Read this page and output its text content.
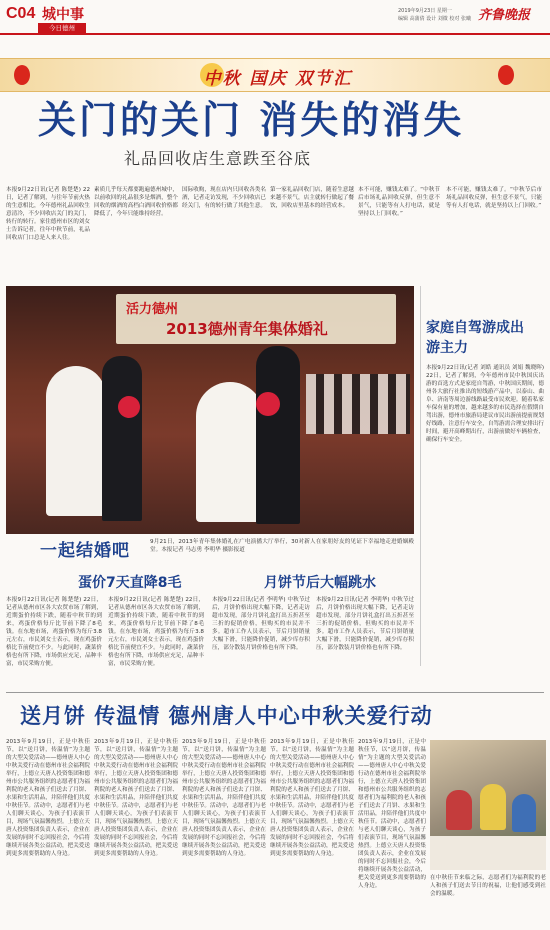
C04 城中事
今日德州
2019年9月23日 星期一
编辑 高蒲倩 设计 刘微 校对 张曦 齐鲁晚报
中秋 国庆 双节汇
关门的关门 消失的消失
礼品回收店生意跌至谷底
本报9月22日讯(记者 陈楚楚) 22日，记者了解到，与往年节前火热的生意相比，今年德州礼品回收生意清冷，不少回收店关门的关门，转行的转行。家住德州市区的刘女士告诉记者，往年中秋节前，礼品回收店门口总是人来人往。
素质几乎每天都要跑遍德州城中，以前收回的礼品很多是烟酒，整个回收的烟酒的高档白酒回收价格都降低了，今年只能维持经营。
国际收购，现在店内只回收各类名酒，记者走访发现，不少回收店已经关门，有的转行做了其他生意。
第一家礼品回收门店，随着生意越来越不景气，店主就转行做起了餐饮，回收店里基本的经营成本。
本不可能，赚钱太难了。“中秋节后市场礼品回收反弹，但生意不景气，只能等有人打电话，就是坚持以上门回收。”
本不可能，赚钱太难了。“中秋节后市场礼品回收反弹，但生意不景气，只能等有人打电话，就是坚持以上门回收。”
活力德州
2013德州青年集体婚礼
一起结婚吧	9月21日，2013年青年集体婚礼在广电演播大厅举行，30对新人在家朋好友的见证下幸福地走进婚姻殿堂。本报记者 马志勇 李明华 摄影报道
家庭自驾游成出游主力
本报9月22日讯(记者 刘皓 通讯员 刘娟 魏晓晖) 22日，记者了解到，今年德州市民中秋国庆出游的首选方式是家庭自驾游，中秋国庆期间，德州各大旅行社推出的短线游产品中，以泰山、曲阜、济南等周边游线路最受市民欢迎。随着私家车保有量的增加，越来越多的市民选择在假期自驾出游，德州市旅游局建议市民出游前提前规划好线路，注意行车安全，自驾游需合理安排出行时间，避开高峰期出行，出游前做好车辆检查，确保行车安全。
蛋价7天直降8毛
本报9月22日讯(记者 陈楚楚) 22日，记者从德州市区各大农贸市场了解到，近期蛋价持续下跌，随着中秋节的到来，鸡蛋价格每斤比节前下降了8毛钱。在东地市场，鸡蛋价格为每斤3.8元左右，市民刘女士表示，现在鸡蛋价格比节前便宜不少。与此同时，蔬菜价格也有所下降，市场供应充足，品种丰富，市民采购方便。
本报9月22日讯(记者 陈楚楚) 22日，记者从德州市区各大农贸市场了解到，近期蛋价持续下跌，随着中秋节的到来，鸡蛋价格每斤比节前下降了8毛钱。在东地市场，鸡蛋价格为每斤3.8元左右，市民刘女士表示，现在鸡蛋价格比节前便宜不少。与此同时，蔬菜价格也有所下降，市场供应充足，品种丰富，市民采购方便。
月饼节后大幅跳水
本报9月22日讯(记者 李明华) 中秋节过后，月饼价格出现大幅下降，记者走访超市发现，部分月饼礼盒打出五折甚至三折的促销价格，但购买的市民并不多。超市工作人员表示，节后月饼销量大幅下滑，只能降价促销，减少库存积压，部分散装月饼价格也有所下降。
本报9月22日讯(记者 李明华) 中秋节过后，月饼价格出现大幅下降，记者走访超市发现，部分月饼礼盒打出五折甚至三折的促销价格，但购买的市民并不多。超市工作人员表示，节后月饼销量大幅下滑，只能降价促销，减少库存积压，部分散装月饼价格也有所下降。
送月饼 传温情 德州唐人中心中秋关爱行动
2013年9月19日，正是中秋佳节，以“送月饼，传温情”为主题的大型关爱活动——德州唐人中心中秋关爱行动在德州市社会福利院举行，上德立天唐人投资集团和德州市公共服务组织的志愿者们为福利院的老人和孩子们送去了月饼、水果和生活用品，并陪伴他们共度中秋佳节。活动中，志愿者们与老人们聊天谈心，为孩子们表演节目，现场气氛温馨热烈。上德立天唐人投资集团负责人表示，企业在发展的同时不忘回报社会，今后将继续开展各类公益活动，把关爱送到更多需要帮助的人身边。
2013年9月19日，正是中秋佳节，以“送月饼，传温情”为主题的大型关爱活动——德州唐人中心中秋关爱行动在德州市社会福利院举行，上德立天唐人投资集团和德州市公共服务组织的志愿者们为福利院的老人和孩子们送去了月饼、水果和生活用品，并陪伴他们共度中秋佳节。活动中，志愿者们与老人们聊天谈心，为孩子们表演节目，现场气氛温馨热烈。上德立天唐人投资集团负责人表示，企业在发展的同时不忘回报社会，今后将继续开展各类公益活动，把关爱送到更多需要帮助的人身边。
2013年9月19日，正是中秋佳节，以“送月饼，传温情”为主题的大型关爱活动——德州唐人中心中秋关爱行动在德州市社会福利院举行，上德立天唐人投资集团和德州市公共服务组织的志愿者们为福利院的老人和孩子们送去了月饼、水果和生活用品，并陪伴他们共度中秋佳节。活动中，志愿者们与老人们聊天谈心，为孩子们表演节目，现场气氛温馨热烈。上德立天唐人投资集团负责人表示，企业在发展的同时不忘回报社会，今后将继续开展各类公益活动，把关爱送到更多需要帮助的人身边。
2013年9月19日，正是中秋佳节，以“送月饼，传温情”为主题的大型关爱活动——德州唐人中心中秋关爱行动在德州市社会福利院举行，上德立天唐人投资集团和德州市公共服务组织的志愿者们为福利院的老人和孩子们送去了月饼、水果和生活用品，并陪伴他们共度中秋佳节。活动中，志愿者们与老人们聊天谈心，为孩子们表演节目，现场气氛温馨热烈。上德立天唐人投资集团负责人表示，企业在发展的同时不忘回报社会，今后将继续开展各类公益活动，把关爱送到更多需要帮助的人身边。
2013年9月19日，正是中秋佳节，以“送月饼，传温情”为主题的大型关爱活动——德州唐人中心中秋关爱行动在德州市社会福利院举行，上德立天唐人投资集团和德州市公共服务组织的志愿者们为福利院的老人和孩子们送去了月饼、水果和生活用品，并陪伴他们共度中秋佳节。活动中，志愿者们与老人们聊天谈心，为孩子们表演节目，现场气氛温馨热烈。上德立天唐人投资集团负责人表示，企业在发展的同时不忘回报社会，今后将继续开展各类公益活动，把关爱送到更多需要帮助的人身边。
在中秋佳节来临之际，志愿者们为福利院的老人和孩子们送去节日的祝福，让他们感受到社会的温暖。
